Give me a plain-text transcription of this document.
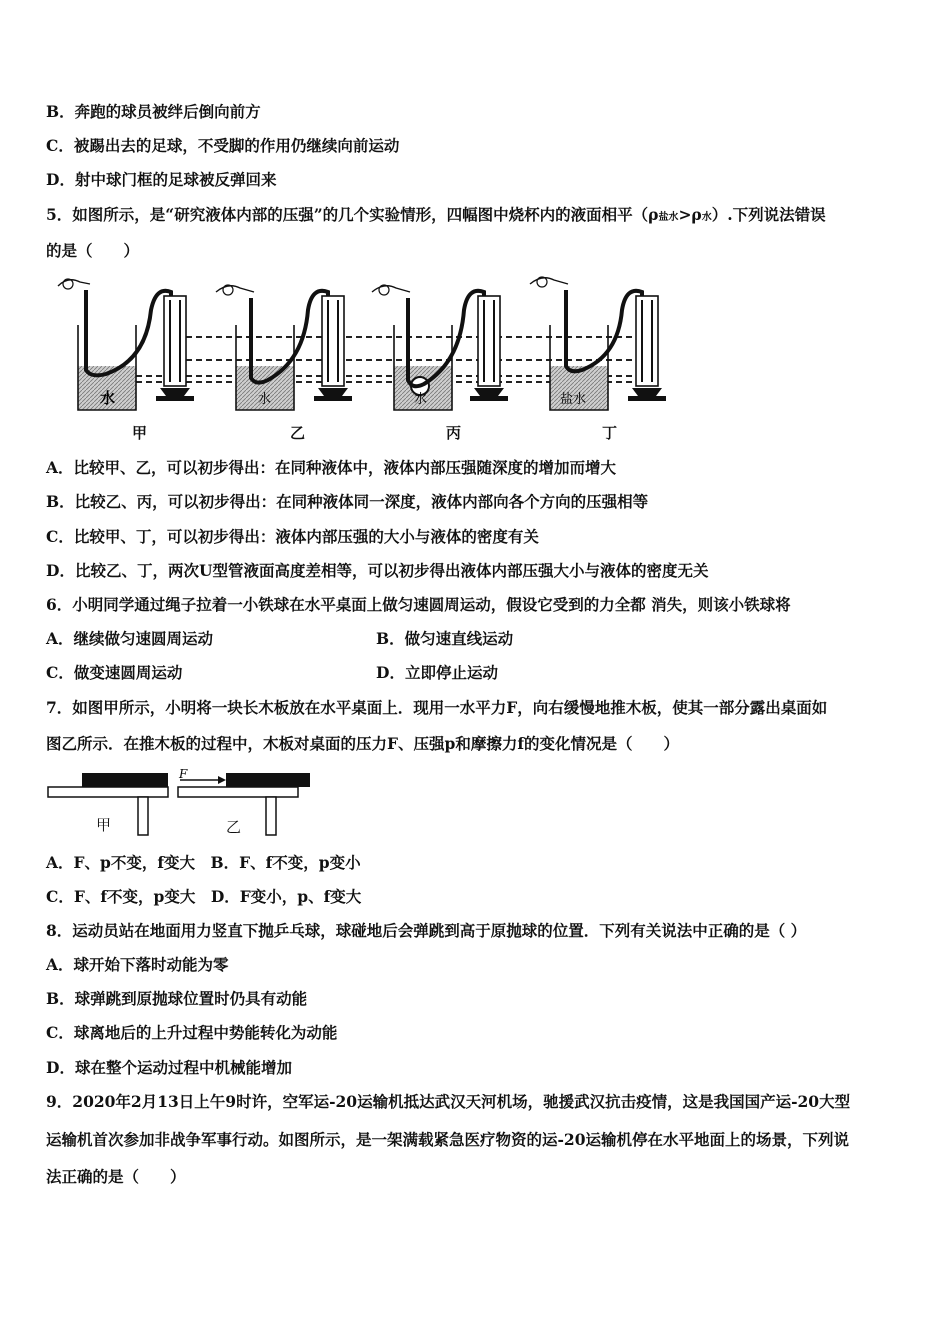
B．奔跑的球员被绊后倒向前方
C．被踢出去的足球，不受脚的作用仍继续向前运动
D．射中球门框的足球被反弹回来
5．如图所示，是“研究液体内部的压强”的几个实验情形，四幅图中烧杯内的液面相平（ρ盐水>ρ水）.下列说法错误
的是（　　）
水	水	水	盐水
甲	乙	丙	丁
A．比较甲、乙，可以初步得出：在同种液体中，液体内部压强随深度的增加而增大
B．比较乙、丙，可以初步得出：在同种液体同一深度，液体内部向各个方向的压强相等
C．比较甲、丁，可以初步得出：液体内部压强的大小与液体的密度有关
D．比较乙、丁，两次U型管液面高度差相等，可以初步得出液体内部压强大小与液体的密度无关
6．小明同学通过绳子拉着一小铁球在水平桌面上做匀速圆周运动，假设它受到的力全都 消失，则该小铁球将
A．继续做匀速圆周运动	B．做匀速直线运动
C．做变速圆周运动	D．立即停止运动
7．如图甲所示，小明将一块长木板放在水平桌面上．现用一水平力F，向右缓慢地推木板，使其一部分露出桌面如
图乙所示．在推木板的过程中，木板对桌面的压力F、压强p和摩擦力f的变化情况是（　　）
F
甲	乙
A．F、p不变，f变大　B．F、f不变，p变小
C．F、f不变，p变大　D．F变小，p、f变大
8．运动员站在地面用力竖直下抛乒乓球，球碰地后会弹跳到高于原抛球的位置．下列有关说法中正确的是（ ）
A．球开始下落时动能为零
B．球弹跳到原抛球位置时仍具有动能
C．球离地后的上升过程中势能转化为动能
D．球在整个运动过程中机械能增加
9．2020年2月13日上午9时许，空军运-20运输机抵达武汉天河机场，驰援武汉抗击疫情，这是我国国产运-20大型
运输机首次参加非战争军事行动。如图所示，是一架满载紧急医疗物资的运-20运输机停在水平地面上的场景，下列说
法正确的是（　　）
